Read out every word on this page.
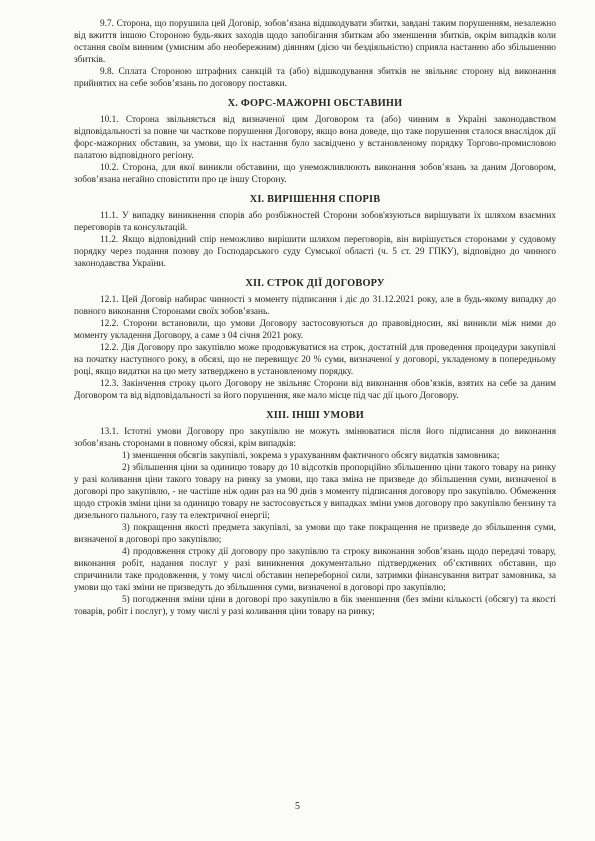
9.7. Сторона, що порушила цей Договір, зобов’язана відшкодувати збитки, завдані таким порушенням, незалежно від вжиття іншою Стороною будь-яких заходів щодо запобігання збиткам або зменшення збитків, окрім випадків коли остання своїм винним (умисним або необережним) діянням (дією чи бездіяльністю) сприяла настанню або збільшенню збитків.

9.8. Сплата Стороною штрафних санкцій та (або) відшкодування збитків не звільняє сторону від виконання прийнятих на себе зобов’язань по договору поставки.

Х. ФОРС-МАЖОРНІ ОБСТАВИНИ

10.1. Сторона звільняється від визначеної цим Договором та (або) чинним в Україні законодавством відповідальності за повне чи часткове порушення Договору, якщо вона доведе, що таке порушення сталося внаслідок дії форс-мажорних обставин, за умови, що їх настання було засвідчено у встановленому порядку Торгово-промисловою палатою відповідного регіону.

10.2. Сторона, для якої виникли обставини, що унеможливлюють виконання зобов’язань за даним Договором, зобов’язана негайно сповістити про це іншу Сторону.

ХІ. ВИРІШЕННЯ СПОРІВ

11.1. У випадку виникнення спорів або розбіжностей Сторони зобов'язуються вирішувати їх шляхом взаємних переговорів та консультацій.

11.2. Якщо відповідний спір неможливо вирішити шляхом переговорів, він вирішується сторонами у судовому порядку через подання позову до Господарського суду Сумської області (ч. 5 ст. 29 ГПКУ), відповідно до чинного законодавства України.

ХІІ. СТРОК ДІЇ ДОГОВОРУ

12.1. Цей Договір набирає чинності з моменту підписання і діє до 31.12.2021 року, але в будь-якому випадку до повного виконання Сторонами своїх зобов’язань.

12.2. Сторони встановили, що умови Договору застосовуються до правовідносин, які виникли між ними до моменту укладення Договору, а саме з 04 січня 2021 року.

12.2. Дія Договору про закупівлю може продовжуватися на строк, достатній для проведення процедури закупівлі на початку наступного року, в обсязі, що не перевищує 20 % суми, визначеної у договорі, укладеному в попередньому році, якщо видатки на цю мету затверджено в установленому порядку.

12.3. Закінчення строку цього Договору не звільняє Сторони від виконання обов’язків, взятих на себе за даним Договором та від відповідальності за його порушення, яке мало місце під час дії цього Договору.

ХІІІ. ІНШІ УМОВИ

13.1. Істотні умови Договору про закупівлю не можуть змінюватися після його підписання до виконання зобов’язань сторонами в повному обсязі, крім випадків:

1) зменшення обсягів закупівлі, зокрема з урахуванням фактичного обсягу видатків замовника;

2) збільшення ціни за одиницю товару до 10 відсотків пропорційно збільшенню ціни такого товару на ринку у разі коливання ціни такого товару на ринку за умови, що така зміна не призведе до збільшення суми, визначеної в договорі про закупівлю, - не частіше ніж один раз на 90 днів з моменту підписання договору про закупівлю. Обмеження щодо строків зміни ціни за одиницю товару не застосовується у випадках зміни умов договору про закупівлю бензину та дизельного пального, газу та електричної енергії;

3) покращення якості предмета закупівлі, за умови що таке покращення не призведе до збільшення суми, визначеної в договорі про закупівлю;

4) продовження строку дії договору про закупівлю та строку виконання зобов’язань щодо передачі товару, виконання робіт, надання послуг у разі виникнення документально підтверджених об’єктивних обставин, що спричинили таке продовження, у тому числі обставин непереборної сили, затримки фінансування витрат замовника, за умови що такі зміни не призведуть до збільшення суми, визначеної в договорі про закупівлю;

5) погодження зміни ціни в договорі про закупівлю в бік зменшення (без зміни кількості (обсягу) та якості товарів, робіт і послуг), у тому числі у разі коливання ціни товару на ринку;

5
